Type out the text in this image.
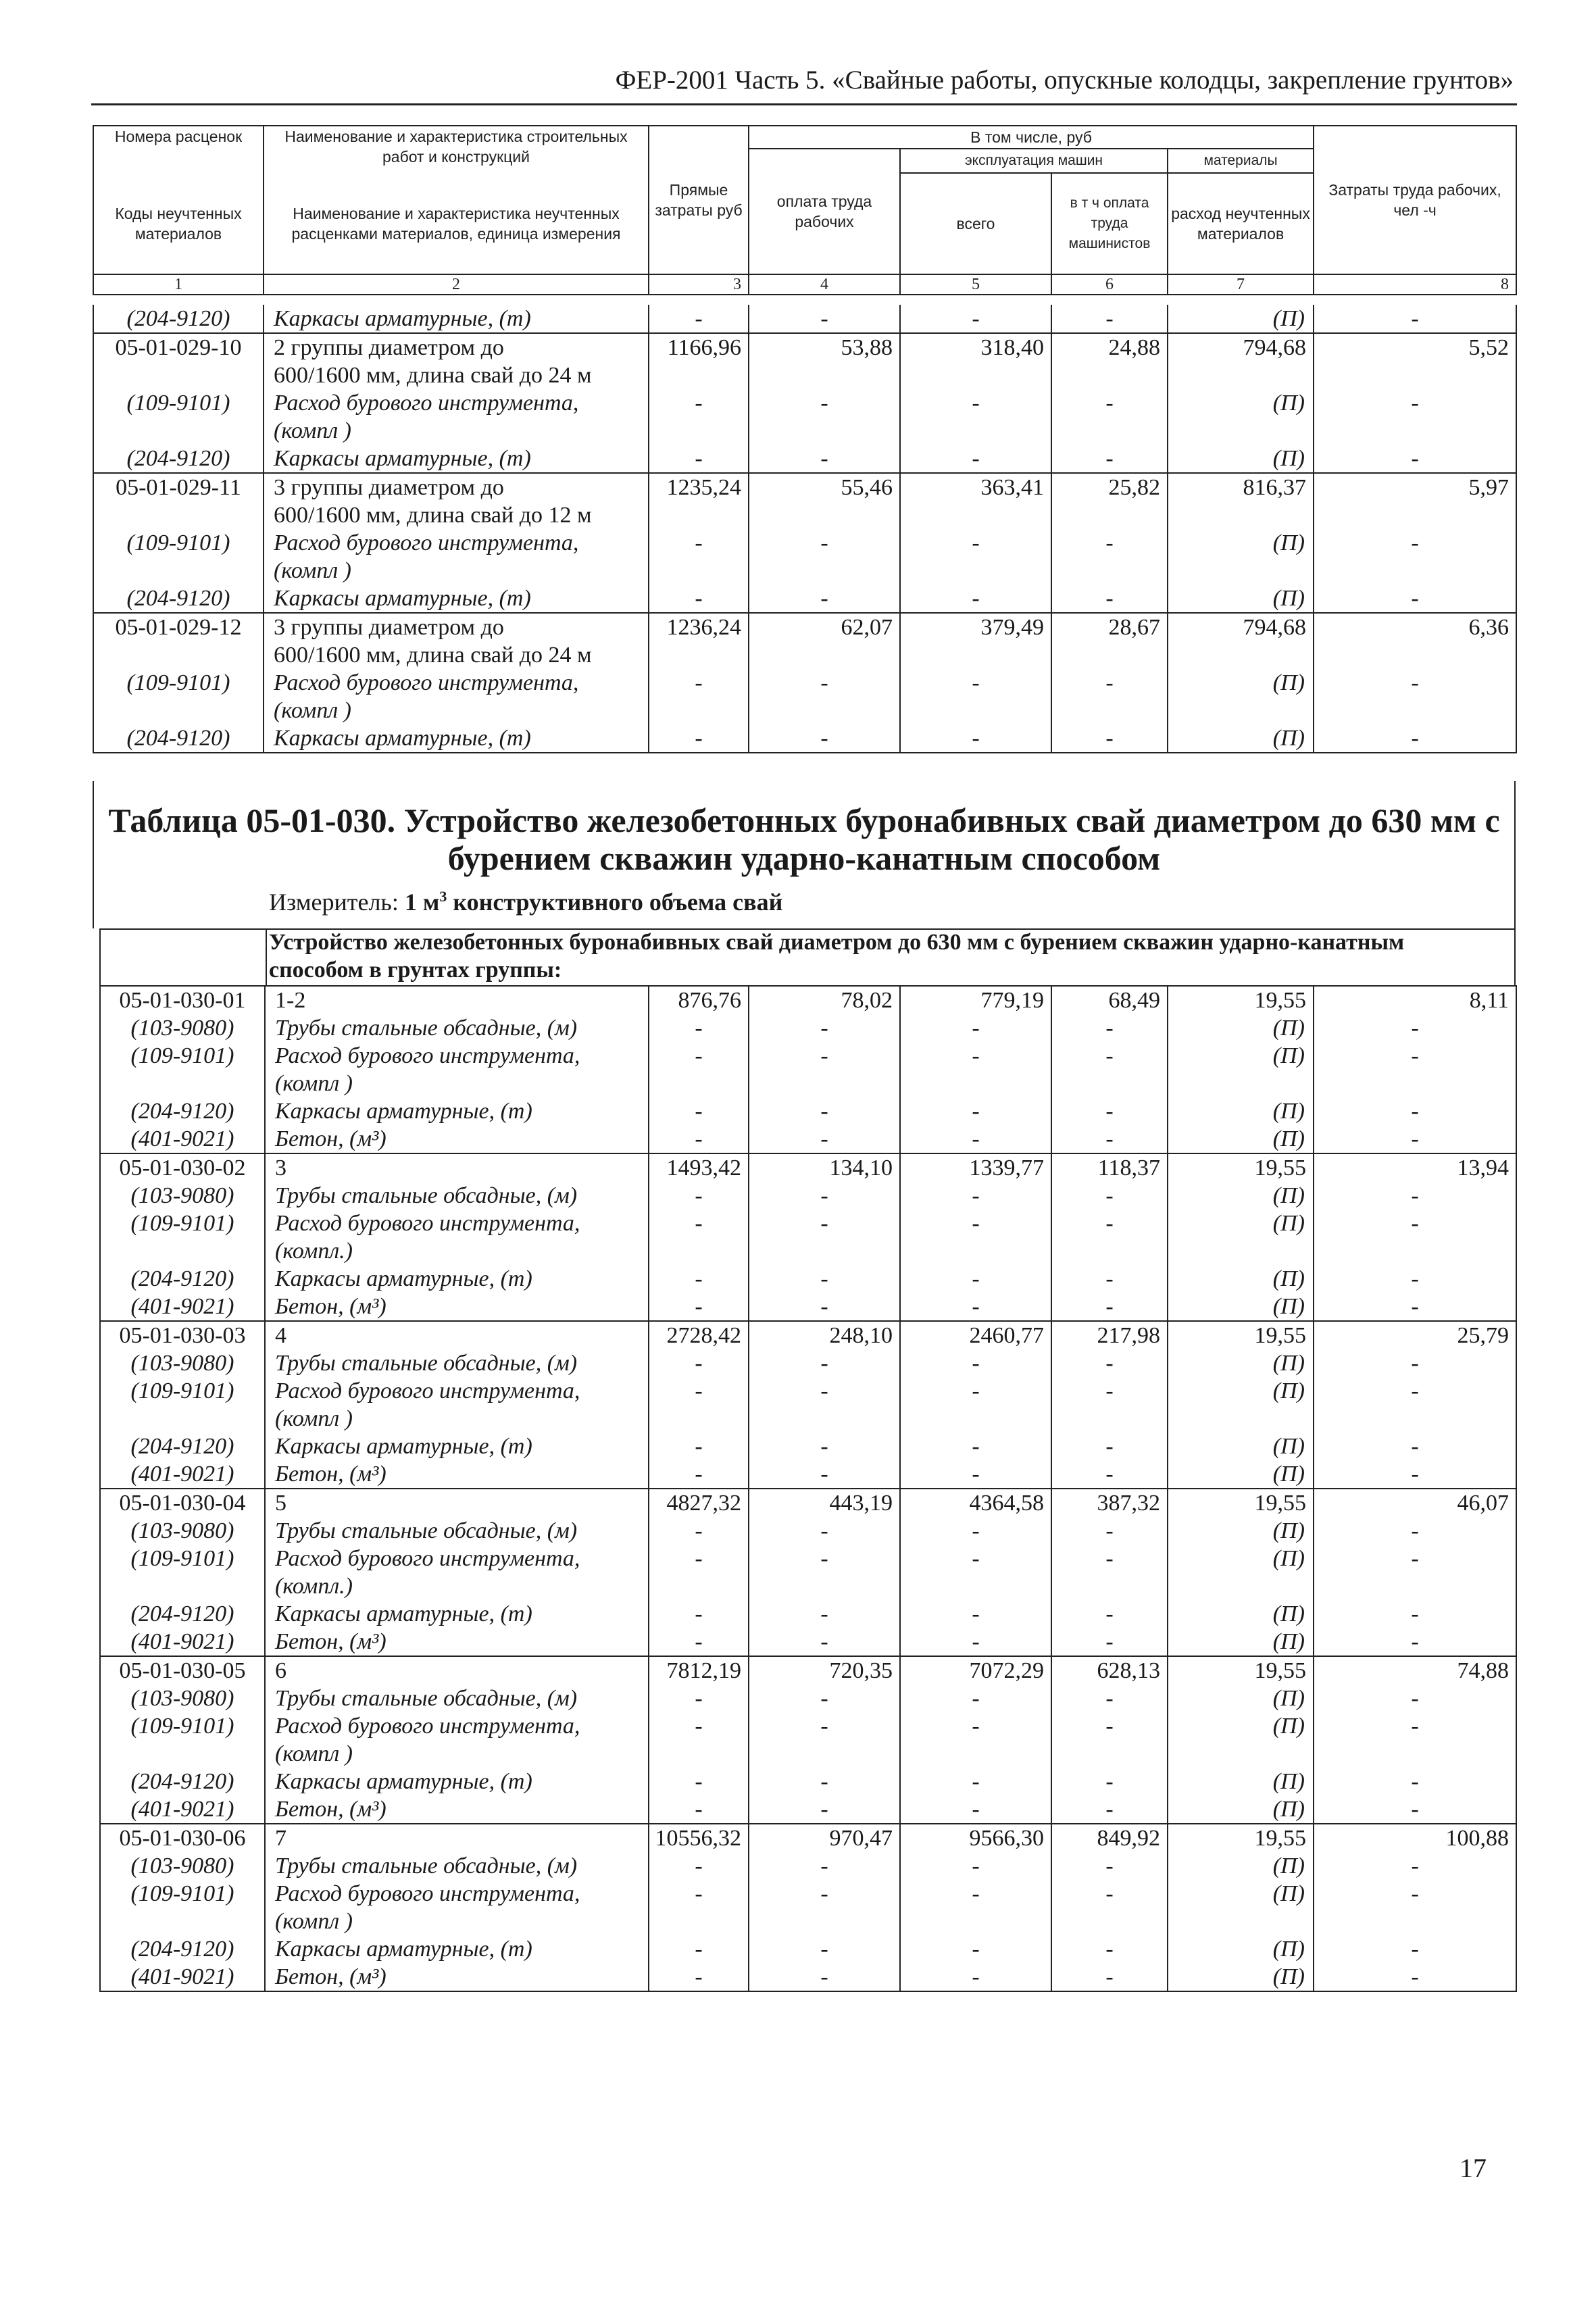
ФЕР-2001 Часть 5. «Свайные работы, опускные колодцы, закрепление грунтов»
Номера расценок	Наименование и характеристика строительных работ и конструкций	Прямые затраты руб	В том числе, руб				Затраты труда рабочих, чел -ч
			оплата труда рабочих	эксплуатация машин		материалы	
Коды неучтенных материалов	Наименование и характеристика неучтенных расценками материалов, единица измерения			всего	в т ч оплата труда машинистов	расход неучтенных материалов	

1	2	3	4	5	6	7	8
(204-9120)	Каркасы арматурные, (т)	-	-	-	-	(П)	-
05-01-029-10	2 группы диаметром до	1166,96	53,88	318,40	24,88	794,68	5,52
	600/1600 мм, длина свай до 24 м						
(109-9101)	Расход бурового инструмента,	-	-	-	-	(П)	-
	(компл )						
(204-9120)	Каркасы арматурные, (т)	-	-	-	-	(П)	-
05-01-029-11	3 группы диаметром до	1235,24	55,46	363,41	25,82	816,37	5,97
	600/1600 мм, длина свай до 12 м						
(109-9101)	Расход бурового инструмента,	-	-	-	-	(П)	-
	(компл )						
(204-9120)	Каркасы арматурные, (т)	-	-	-	-	(П)	-
05-01-029-12	3 группы диаметром до	1236,24	62,07	379,49	28,67	794,68	6,36
	600/1600 мм, длина свай до 24 м						
(109-9101)	Расход бурового инструмента,	-	-	-	-	(П)	-
	(компл )						
(204-9120)	Каркасы арматурные, (т)	-	-	-	-	(П)	-
Таблица 05-01-030. Устройство железобетонных буронабивных свай диаметром до 630 мм с бурением скважин ударно-канатным способом
Измеритель: 1 $м^3$ конструктивного объема свай
Устройство железобетонных буронабивных свай диаметром до 630 мм с бурением скважин ударно-канатным способом в грунтах группы:
05-01-030-01	1-2	876,76	78,02	779,19	68,49	19,55	8,11
(103-9080)	Трубы стальные обсадные, (м)	-	-	-	-	(П)	-
(109-9101)	Расход бурового инструмента,	-	-	-	-	(П)	-
	(компл )						
(204-9120)	Каркасы арматурные, (т)	-	-	-	-	(П)	-
(401-9021)	Бетон, (м³)	-	-	-	-	(П)	-
05-01-030-02	3	1493,42	134,10	1339,77	118,37	19,55	13,94
(103-9080)	Трубы стальные обсадные, (м)	-	-	-	-	(П)	-
(109-9101)	Расход бурового инструмента,	-	-	-	-	(П)	-
	(компл.)						
(204-9120)	Каркасы арматурные, (т)	-	-	-	-	(П)	-
(401-9021)	Бетон, (м³)	-	-	-	-	(П)	-
05-01-030-03	4	2728,42	248,10	2460,77	217,98	19,55	25,79
(103-9080)	Трубы стальные обсадные, (м)	-	-	-	-	(П)	-
(109-9101)	Расход бурового инструмента,	-	-	-	-	(П)	-
	(компл )						
(204-9120)	Каркасы арматурные, (т)	-	-	-	-	(П)	-
(401-9021)	Бетон, (м³)	-	-	-	-	(П)	-
05-01-030-04	5	4827,32	443,19	4364,58	387,32	19,55	46,07
(103-9080)	Трубы стальные обсадные, (м)	-	-	-	-	(П)	-
(109-9101)	Расход бурового инструмента,	-	-	-	-	(П)	-
	(компл.)						
(204-9120)	Каркасы арматурные, (т)	-	-	-	-	(П)	-
(401-9021)	Бетон, (м³)	-	-	-	-	(П)	-
05-01-030-05	6	7812,19	720,35	7072,29	628,13	19,55	74,88
(103-9080)	Трубы стальные обсадные, (м)	-	-	-	-	(П)	-
(109-9101)	Расход бурового инструмента,	-	-	-	-	(П)	-
	(компл )						
(204-9120)	Каркасы арматурные, (т)	-	-	-	-	(П)	-
(401-9021)	Бетон, (м³)	-	-	-	-	(П)	-
05-01-030-06	7	10556,32	970,47	9566,30	849,92	19,55	100,88
(103-9080)	Трубы стальные обсадные, (м)	-	-	-	-	(П)	-
(109-9101)	Расход бурового инструмента,	-	-	-	-	(П)	-
	(компл )						
(204-9120)	Каркасы арматурные, (т)	-	-	-	-	(П)	-
(401-9021)	Бетон, (м³)	-	-	-	-	(П)	-
17
